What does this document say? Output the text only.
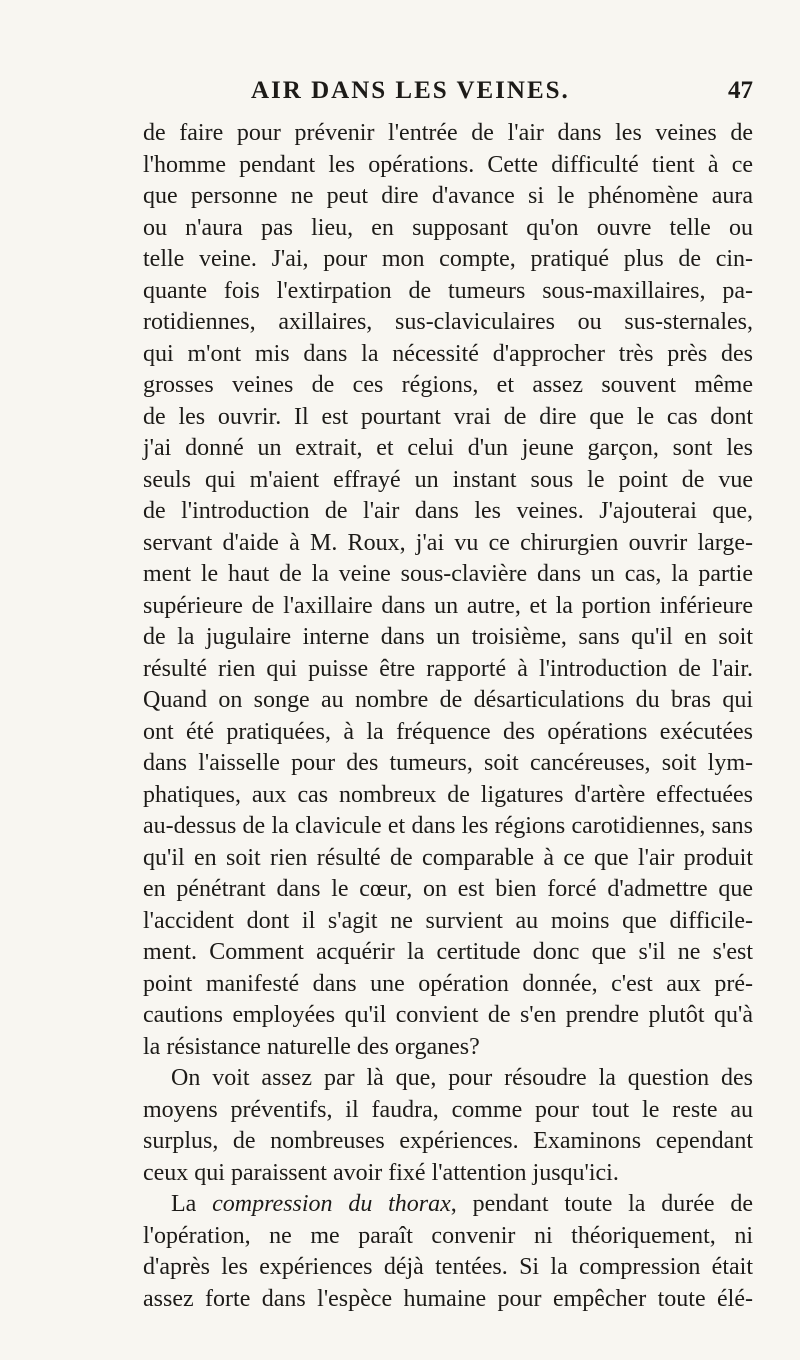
AIR DANS LES VEINES.	47
de faire pour prévenir l'entrée de l'air dans les veines de
l'homme pendant les opérations. Cette difficulté tient à ce
que personne ne peut dire d'avance si le phénomène aura
ou n'aura pas lieu, en supposant qu'on ouvre telle ou
telle veine. J'ai, pour mon compte, pratiqué plus de cin-
quante fois l'extirpation de tumeurs sous-maxillaires, pa-
rotidiennes, axillaires, sus-claviculaires ou sus-sternales,
qui m'ont mis dans la nécessité d'approcher très près des
grosses veines de ces régions, et assez souvent même
de les ouvrir. Il est pourtant vrai de dire que le cas dont
j'ai donné un extrait, et celui d'un jeune garçon, sont les
seuls qui m'aient effrayé un instant sous le point de vue
de l'introduction de l'air dans les veines. J'ajouterai que,
servant d'aide à M. Roux, j'ai vu ce chirurgien ouvrir large-
ment le haut de la veine sous-clavière dans un cas, la partie
supérieure de l'axillaire dans un autre, et la portion inférieure
de la jugulaire interne dans un troisième, sans qu'il en soit
résulté rien qui puisse être rapporté à l'introduction de l'air.
Quand on songe au nombre de désarticulations du bras qui
ont été pratiquées, à la fréquence des opérations exécutées
dans l'aisselle pour des tumeurs, soit cancéreuses, soit lym-
phatiques, aux cas nombreux de ligatures d'artère effectuées
au-dessus de la clavicule et dans les régions carotidiennes, sans
qu'il en soit rien résulté de comparable à ce que l'air produit
en pénétrant dans le cœur, on est bien forcé d'admettre que
l'accident dont il s'agit ne survient au moins que difficile-
ment. Comment acquérir la certitude donc que s'il ne s'est
point manifesté dans une opération donnée, c'est aux pré-
cautions employées qu'il convient de s'en prendre plutôt qu'à
la résistance naturelle des organes?
On voit assez par là que, pour résoudre la question des
moyens préventifs, il faudra, comme pour tout le reste au
surplus, de nombreuses expériences. Examinons cependant
ceux qui paraissent avoir fixé l'attention jusqu'ici.
La compression du thorax, pendant toute la durée de
l'opération, ne me paraît convenir ni théoriquement, ni
d'après les expériences déjà tentées. Si la compression était
assez forte dans l'espèce humaine pour empêcher toute élé-
